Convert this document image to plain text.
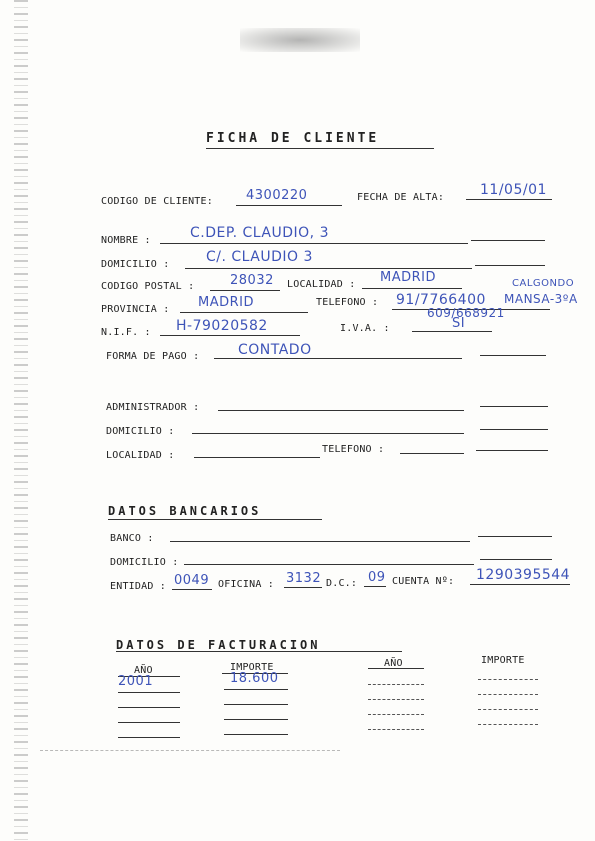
FICHA DE CLIENTE
CODIGO DE CLIENTE:	4300220	FECHA DE ALTA:	11/05/01
NOMBRE :	C.DEP. CLAUDIO, 3
DOMICILIO :	C/. CLAUDIO 3
CODIGO POSTAL :	28032 LOCALIDAD : MADRID	CALGONDO
PROVINCIA : MADRID	TELEFONO : 91/7766400 MANSA-3ºA
609/668921
N.I.F. : H-79020582	I.V.A. :	SI
FORMA DE PAGO :	CONTADO
ADMINISTRADOR :
DOMICILIO :
LOCALIDAD :
TELEFONO :
DATOS BANCARIOS
BANCO :
DOMICILIO :
ENTIDAD : 0049 OFICINA : 3132 D.C.: 09 CUENTA Nº: 1290395544
DATOS DE FACTURACION
AÑO	IMPORTE	AÑO	IMPORTE
2001	18.600
